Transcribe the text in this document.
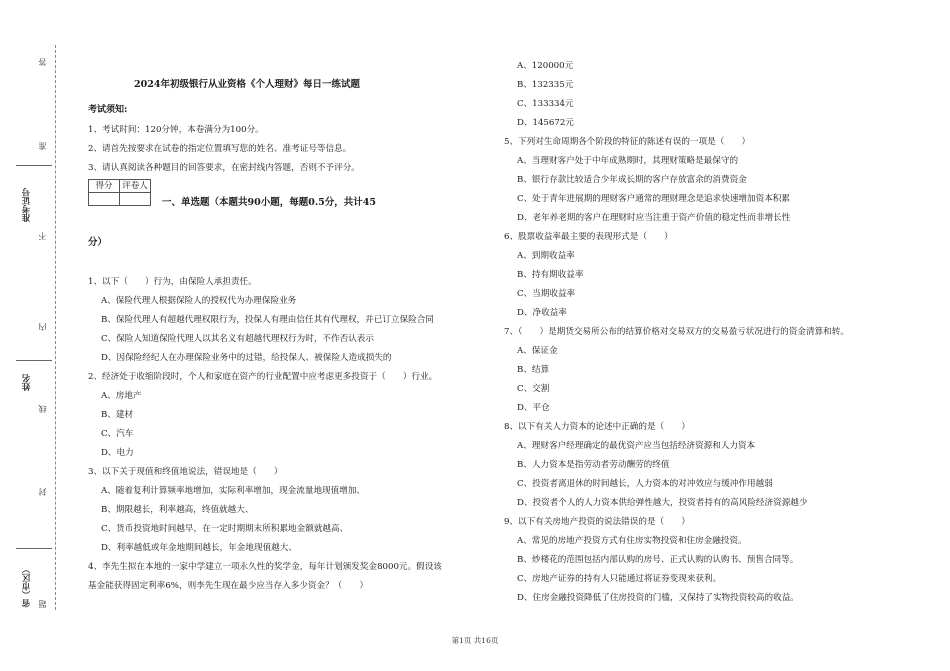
答
准
不
内
线
封
题
准考证号
姓名
省（市区）
2024年初级银行从业资格《个人理财》每日一练试题
考试须知:
1、考试时间：120分钟，本卷满分为100分。
2、请首先按要求在试卷的指定位置填写您的姓名、准考证号等信息。
3、请认真阅读各种题目的回答要求，在密封线内答题，否则不予评分。
得分	评卷人

一、单选题（本题共90小题，每题0.5分，共计45
分）
1、以下（　　）行为，由保险人承担责任。
A、保险代理人根据保险人的授权代为办理保险业务
B、保险代理人有超越代理权限行为，投保人有理由信任其有代理权，并已订立保险合同
C、保险人知道保险代理人以其名义有超越代理权行为时，不作否认表示
D、因保险经纪人在办理保险业务中的过错，给投保人、被保险人造成损失的
2、经济处于收缩阶段时，个人和家庭在资产的行业配置中应考虑更多投资于（　　）行业。
A、房地产
B、建材
C、汽车
D、电力
3、以下关于现值和终值地说法，错误地是（　　）
A、随着复利计算频率地增加，实际利率增加，现金流量地现值增加、
B、期限越长，利率越高，终值就越大、
C、货币投资地时间越早，在一定时期期末所积累地金额就越高、
D、利率越低或年金地期间越长，年金地现值越大、
4、李先生拟在本地的一家中学建立一项永久性的奖学金，每年计划颁发奖金8000元。假设该
基金能获得固定利率6%，则李先生现在最少应当存入多少资金？（　　）
A、120000元
B、132335元
C、133334元
D、145672元
5、下列对生命周期各个阶段的特征的陈述有误的一项是（　　）
A、当理财客户处于中年成熟期时，其理财策略是最保守的
B、银行存款比较适合少年成长期的客户存放富余的消费资金
C、处于青年进展期的理财客户通常的理财理念是追求快速增加资本积累
D、老年养老期的客户在理财时应当注重于资产价值的稳定性而非增长性
6、股票收益率最主要的表现形式是（　　）
A、到期收益率
B、持有期收益率
C、当期收益率
D、净收益率
7、（　　）是期货交易所公布的结算价格对交易双方的交易盈亏状况进行的资金清算和转。
A、保证金
B、结算
C、交割
D、平仓
8、以下有关人力资本的论述中正确的是（　　）
A、理财客户经理确定的最优资产应当包括经济资源和人力资本
B、人力资本是指劳动者劳动酬劳的终值
C、投资者离退休的时间越长，人力资本的对冲效应与缓冲作用越弱
D、投资者个人的人力资本供给弹性越大，投资者持有的高风险经济资源越少
9、以下有关房地产投资的说法错误的是（　　）
A、常见的房地产投资方式有住房实物投资和住房金融投资。
B、炒楼花的范围包括内部认购的房号、正式认购的认购书、预售合同等。
C、房地产证券的持有人只能通过将证券变现来获利。
D、住房金融投资降低了住房投资的门槛，又保持了实物投资较高的收益。
第1页 共16页
